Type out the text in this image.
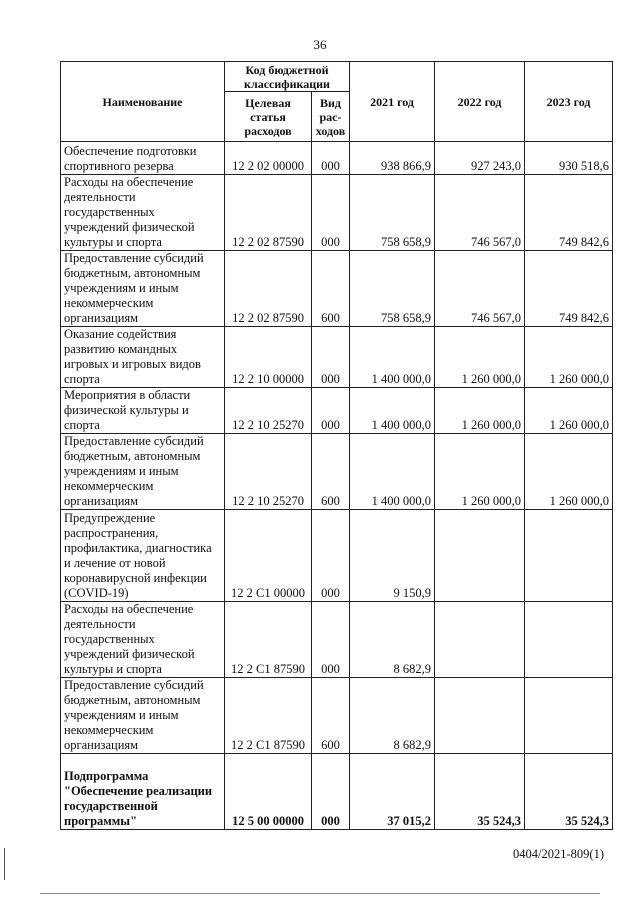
36
Наименование	Код бюджетной классификации		2021 год	2022 год	2023 год
	Целевая статья расходов	Вид рас-ходов			
Обеспечение подготовки спортивного резерва	12 2 02 00000	000	938 866,9	927 243,0	930 518,6
Расходы на обеспечение деятельности государственных учреждений физической культуры и спорта	12 2 02 87590	000	758 658,9	746 567,0	749 842,6
Предоставление субсидий бюджетным, автономным учреждениям и иным некоммерческим организациям	12 2 02 87590	600	758 658,9	746 567,0	749 842,6
Оказание содействия развитию командных игровых и игровых видов спорта	12 2 10 00000	000	1 400 000,0	1 260 000,0	1 260 000,0
Мероприятия в области физической культуры и спорта	12 2 10 25270	000	1 400 000,0	1 260 000,0	1 260 000,0
Предоставление субсидий бюджетным, автономным учреждениям и иным некоммерческим организациям	12 2 10 25270	600	1 400 000,0	1 260 000,0	1 260 000,0
Предупреждение распространения, профилактика, диагностика и лечение от новой коронавирусной инфекции (COVID-19)	12 2 C1 00000	000	9 150,9		
Расходы на обеспечение деятельности государственных учреждений физической культуры и спорта	12 2 C1 87590	000	8 682,9		
Предоставление субсидий бюджетным, автономным учреждениям и иным некоммерческим организациям	12 2 C1 87590	600	8 682,9		
Подпрограмма "Обеспечение реализации государственной программы"	12 5 00 00000	000	37 015,2	35 524,3	35 524,3
0404/2021-809(1)
